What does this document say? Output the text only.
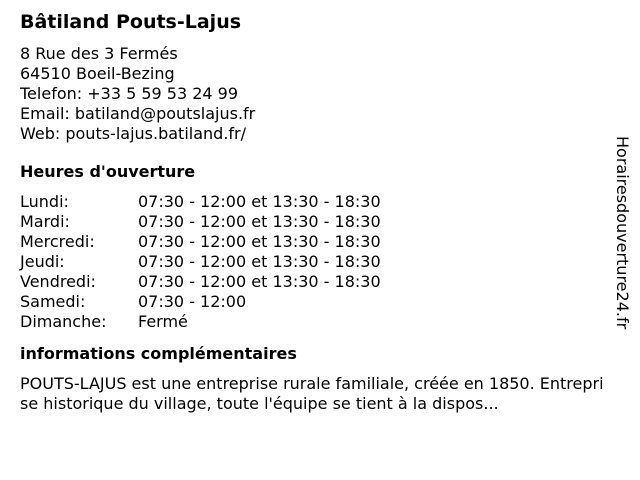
Bâtiland Pouts-Lajus
8 Rue des 3 Fermés
64510 Boeil-Bezing
Telefon: +33 5 59 53 24 99
Email: batiland@poutslajus.fr
Web: pouts-lajus.batiland.fr/
Heures d'ouverture
Lundi:	07:30 - 12:00 et 13:30 - 18:30
Mardi:	07:30 - 12:00 et 13:30 - 18:30
Mercredi:	07:30 - 12:00 et 13:30 - 18:30
Jeudi:	07:30 - 12:00 et 13:30 - 18:30
Vendredi:	07:30 - 12:00 et 13:30 - 18:30
Samedi:	07:30 - 12:00
Dimanche:	Fermé
informations complémentaires
POUTS-LAJUS est une entreprise rurale familiale, créée en 1850. Entreprise historique du village, toute l'équipe se tient à la dispos...
Horairesdouverture24.fr
